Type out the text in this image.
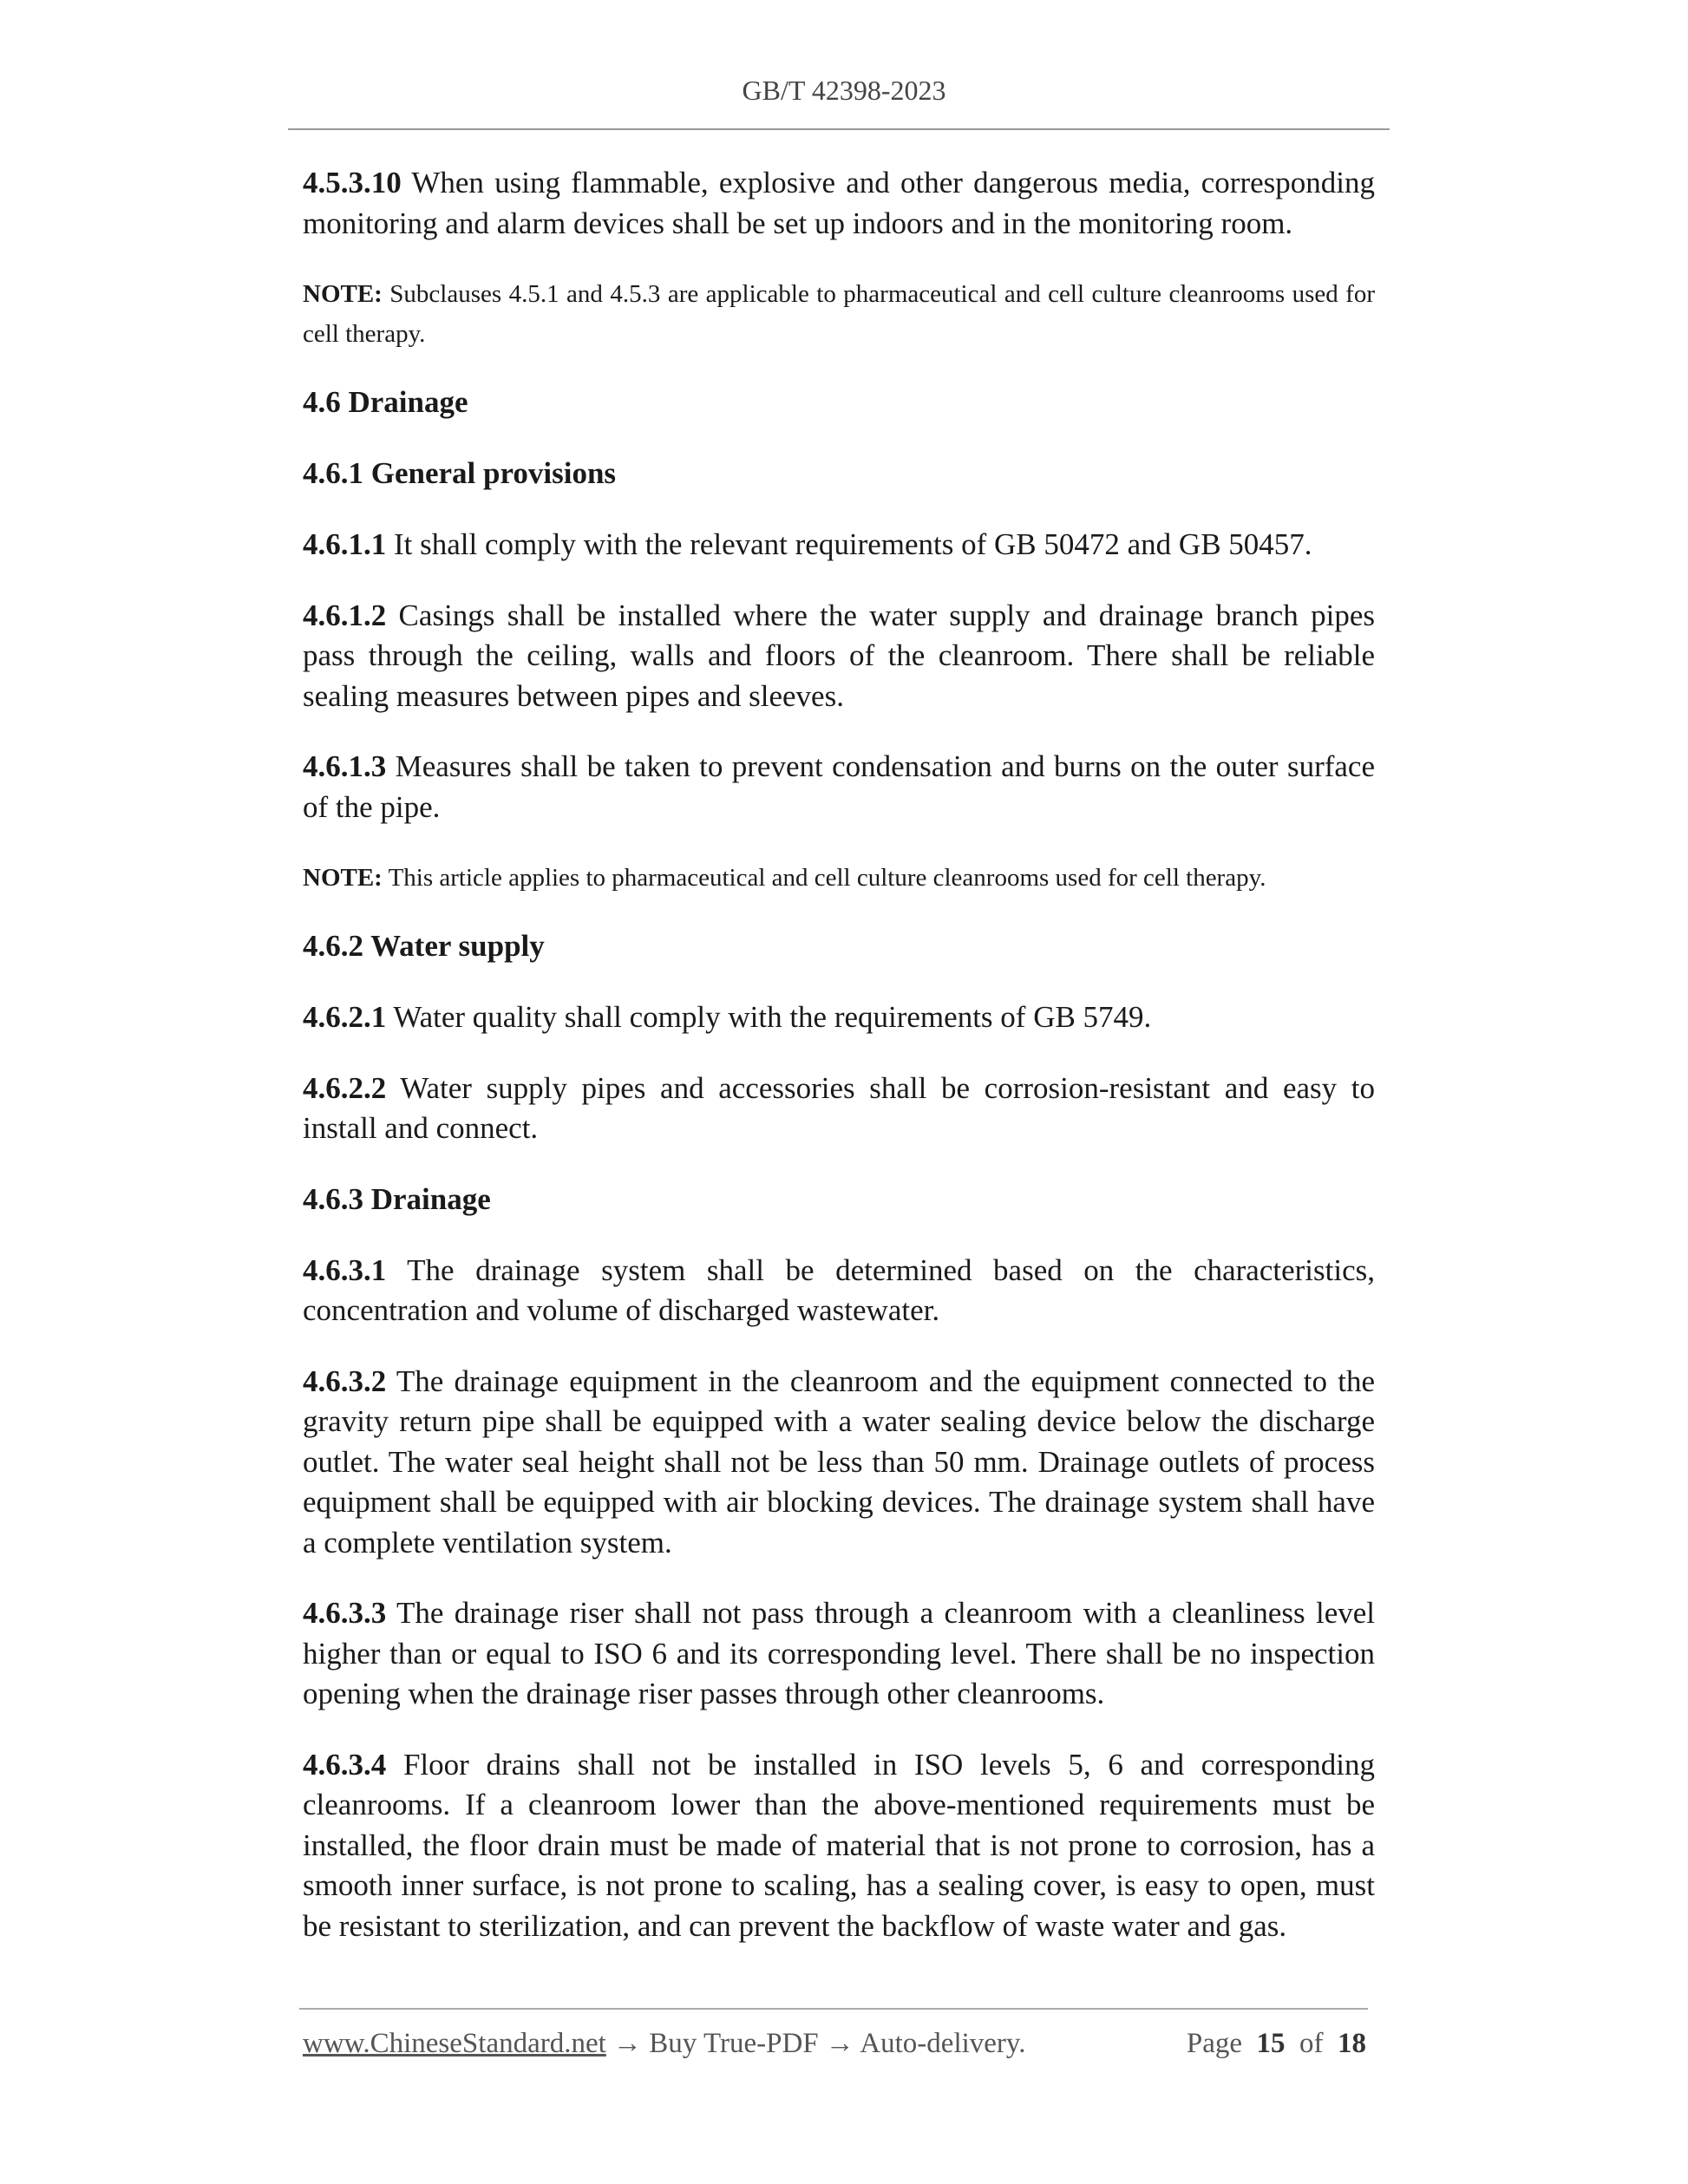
GB/T 42398-2023

4.5.3.10 When using flammable, explosive and other dangerous media, corresponding monitoring and alarm devices shall be set up indoors and in the monitoring room.

NOTE: Subclauses 4.5.1 and 4.5.3 are applicable to pharmaceutical and cell culture cleanrooms used for cell therapy.

4.6 Drainage
4.6.1 General provisions

4.6.1.1 It shall comply with the relevant requirements of GB 50472 and GB 50457.

4.6.1.2 Casings shall be installed where the water supply and drainage branch pipes pass through the ceiling, walls and floors of the cleanroom. There shall be reliable sealing measures between pipes and sleeves.

4.6.1.3 Measures shall be taken to prevent condensation and burns on the outer surface of the pipe.

NOTE: This article applies to pharmaceutical and cell culture cleanrooms used for cell therapy.

4.6.2 Water supply

4.6.2.1 Water quality shall comply with the requirements of GB 5749.

4.6.2.2 Water supply pipes and accessories shall be corrosion-resistant and easy to install and connect.

4.6.3 Drainage

4.6.3.1 The drainage system shall be determined based on the characteristics, concentration and volume of discharged wastewater.

4.6.3.2 The drainage equipment in the cleanroom and the equipment connected to the gravity return pipe shall be equipped with a water sealing device below the discharge outlet. The water seal height shall not be less than 50 mm. Drainage outlets of process equipment shall be equipped with air blocking devices. The drainage system shall have a complete ventilation system.

4.6.3.3 The drainage riser shall not pass through a cleanroom with a cleanliness level higher than or equal to ISO 6 and its corresponding level. There shall be no inspection opening when the drainage riser passes through other cleanrooms.

4.6.3.4 Floor drains shall not be installed in ISO levels 5, 6 and corresponding cleanrooms. If a cleanroom lower than the above-mentioned requirements must be installed, the floor drain must be made of material that is not prone to corrosion, has a smooth inner surface, is not prone to scaling, has a sealing cover, is easy to open, must be resistant to sterilization, and can prevent the backflow of waste water and gas.

www.ChineseStandard.net → Buy True-PDF → Auto-delivery.	Page 15 of 18
